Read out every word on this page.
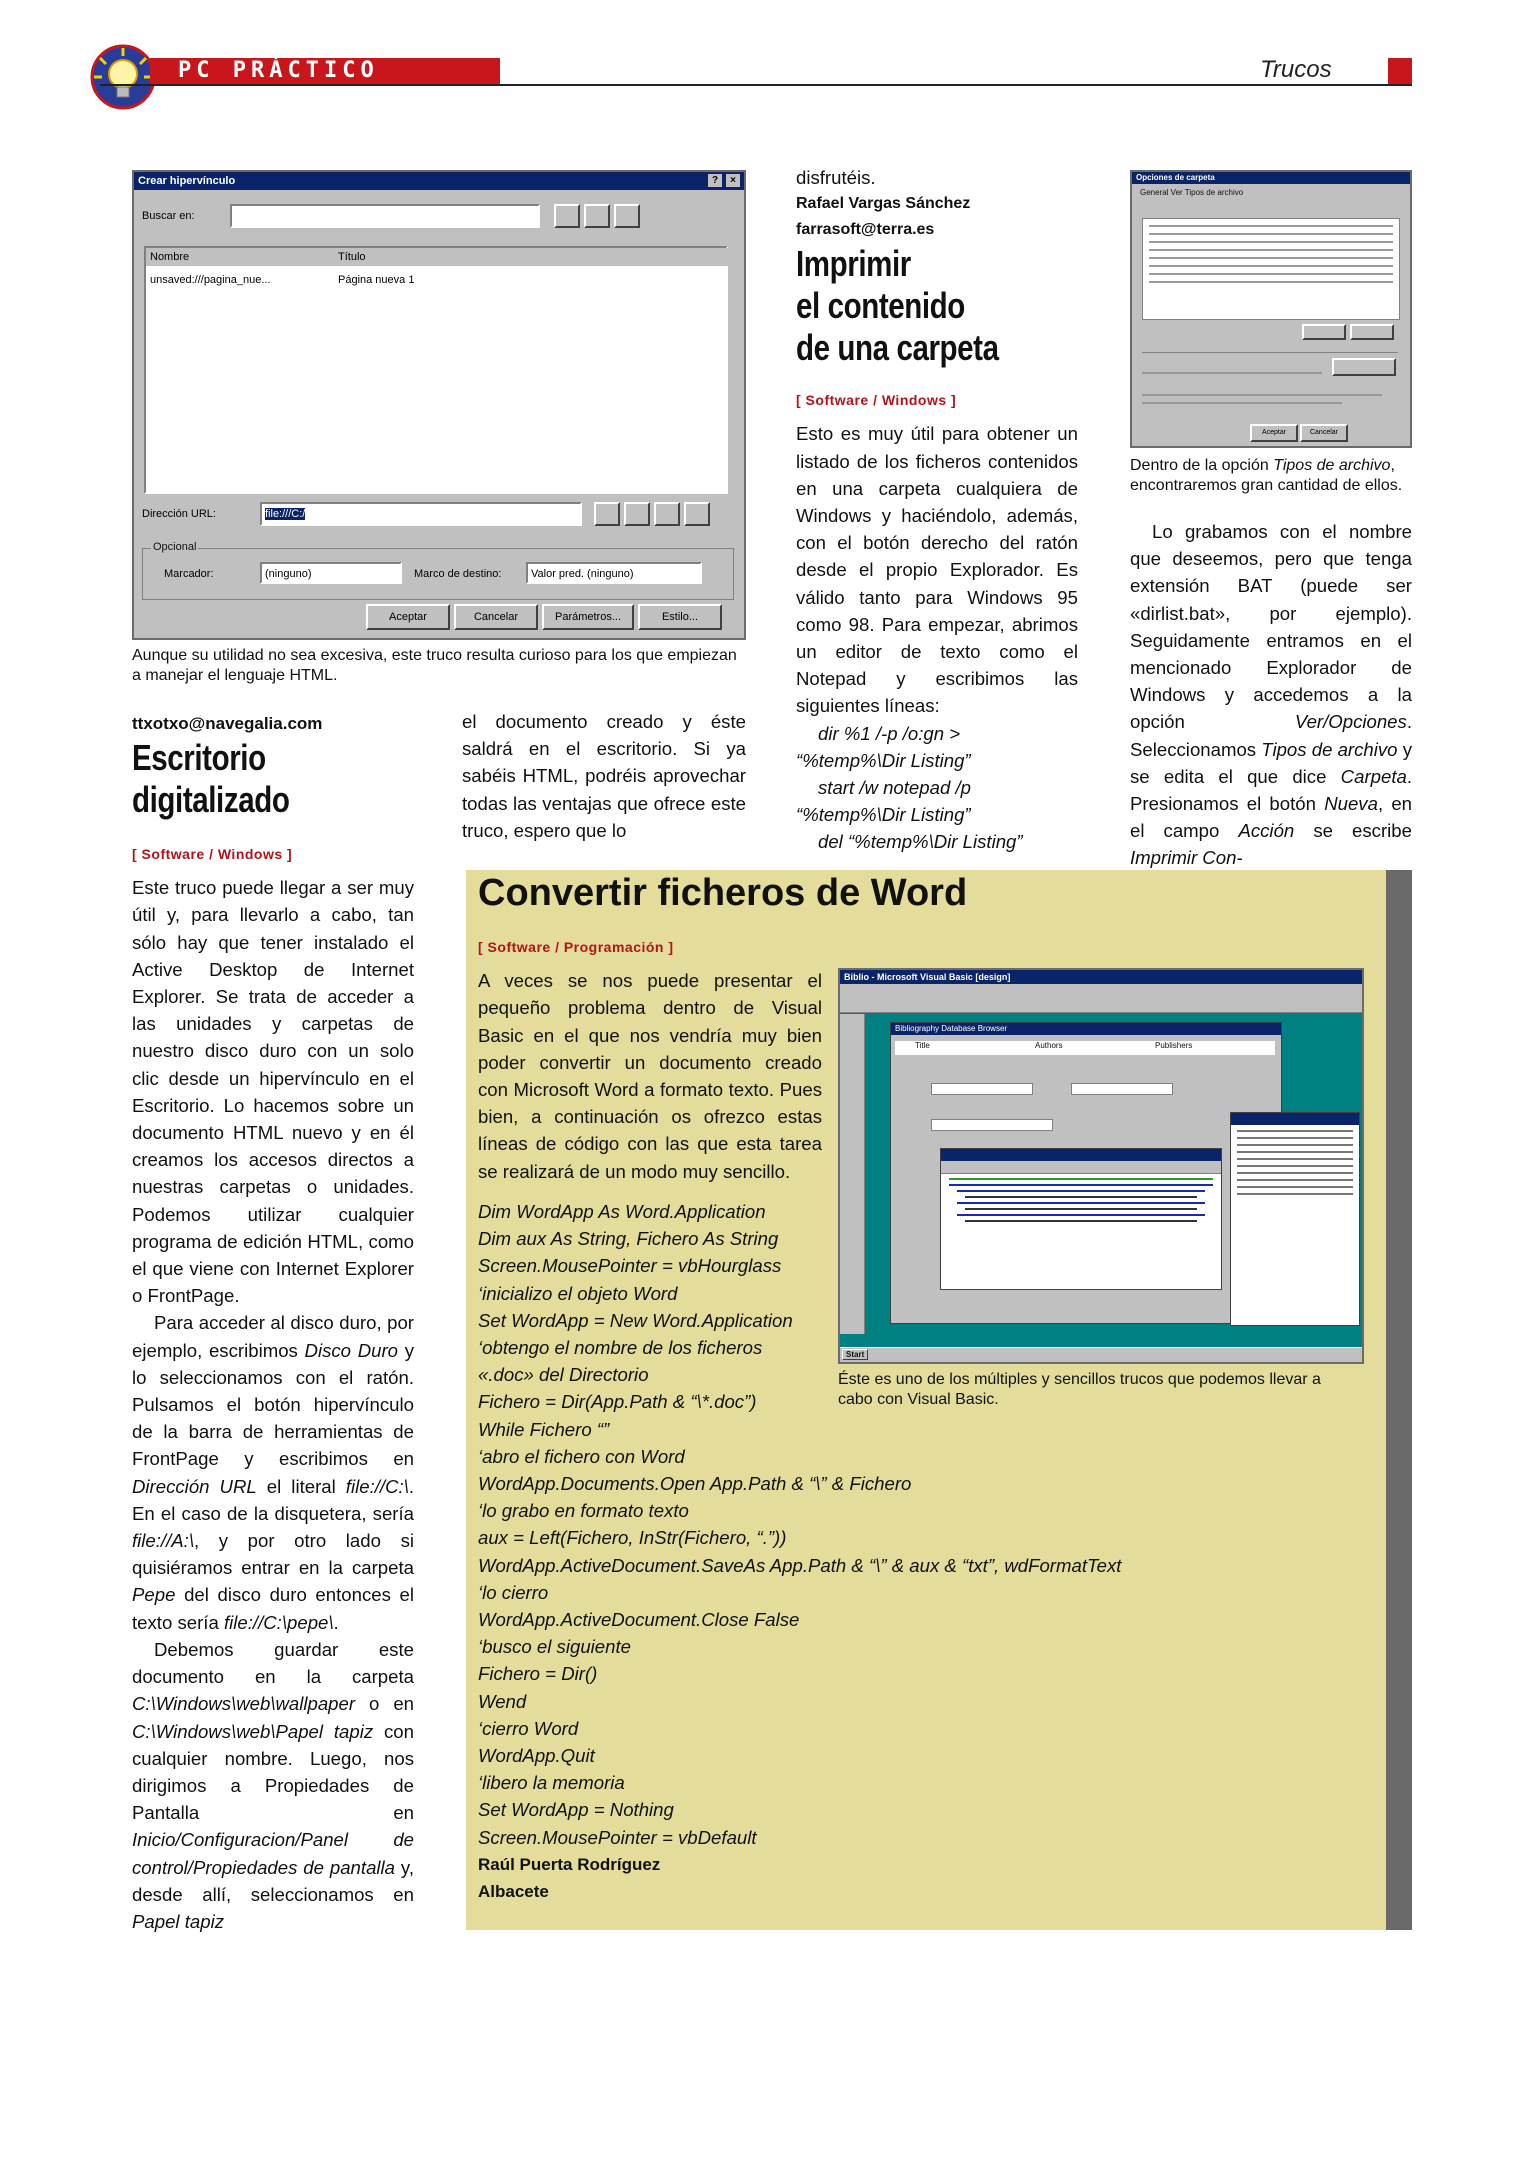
PC PRÁCTICO	Trucos
Crear hipervínculo	×
?
Buscar en:
Nombre	Título
unsaved:///pagina_nue...	Página nueva 1
Dirección URL:	file:///C:/
Opcional
Marcador:	(ninguno)	Marco de destino:	Valor pred. (ninguno)
Aceptar	Cancelar	Parámetros...	Estilo...
Aunque su utilidad no sea excesiva, este truco resulta curioso para los que empiezan a manejar el lenguaje HTML.
ttxotxo@navegalia.com
Escritorio
digitalizado
[ Software / Windows ]

Este truco puede llegar a ser muy útil y, para llevarlo a cabo, tan sólo hay que tener instalado el Active Desktop de Internet Explorer. Se trata de acceder a las unidades y carpetas de nuestro disco duro con un solo clic desde un hipervínculo en el Escritorio. Lo hacemos sobre un documento HTML nuevo y en él creamos los accesos directos a nuestras carpetas o unidades. Podemos utilizar cualquier programa de edición HTML, como el que viene con Internet Explorer o FrontPage.

Para acceder al disco duro, por ejemplo, escribimos Disco Duro y lo seleccionamos con el ratón. Pulsamos el botón hipervínculo de la barra de herramientas de FrontPage y escribimos en Dirección URL el literal file://C:\. En el caso de la disquetera, sería file://A:\, y por otro lado si quisiéramos entrar en la carpeta Pepe del disco duro entonces el texto sería file://C:\pepe\.

Debemos guardar este documento en la carpeta C:\Windows\web\wallpaper o en C:\Windows\web\Papel tapiz con cualquier nombre. Luego, nos dirigimos a Propiedades de Pantalla en Inicio/Configuracion/Panel de control/Propiedades de pantalla y, desde allí, seleccionamos en Papel tapiz

el documento creado y éste saldrá en el escritorio. Si ya sabéis HTML, podréis aprovechar todas las ventajas que ofrece este truco, espero que lo

disfrutéis.

Rafael Vargas Sánchez
farrasoft@terra.es
Imprimir
el contenido
de una carpeta
[ Software / Windows ]

Esto es muy útil para obtener un listado de los ficheros contenidos en una carpeta cualquiera de Windows y haciéndolo, además, con el botón derecho del ratón desde el propio Explorador. Es válido tanto para Windows 95 como 98. Para empezar, abrimos un editor de texto como el Notepad y escribimos las siguientes líneas:

dir %1 /-p /o:gn >
“%temp%\Dir Listing”
start /w notepad /p
“%temp%\Dir Listing”
del “%temp%\Dir Listing”
Opciones de carpeta
General Ver Tipos de archivo
Aceptar	Cancelar
Dentro de la opción Tipos de archivo, encontraremos gran cantidad de ellos.

Lo grabamos con el nombre que deseemos, pero que tenga extensión BAT (puede ser «dirlist.bat», por ejemplo). Seguidamente entramos en el mencionado Explorador de Windows y accedemos a la opción Ver/Opciones. Seleccionamos Tipos de archivo y se edita el que dice Carpeta. Presionamos el botón Nueva, en el campo Acción se escribe Imprimir Con-

Convertir ficheros de Word
[ Software / Programación ]

A veces se nos puede presentar el pequeño problema dentro de Visual Basic en el que nos vendría muy bien poder convertir un documento creado con Microsoft Word a formato texto. Pues bien, a continuación os ofrezco estas líneas de código con las que esta tarea se realizará de un modo muy sencillo.

Dim WordApp As Word.Application
Dim aux As String, Fichero As String
Screen.MousePointer = vbHourglass
‘inicializo el objeto Word
Set WordApp = New Word.Application
‘obtengo el nombre de los ficheros
«.doc» del Directorio
Fichero = Dir(App.Path & “\*.doc”)
While Fichero “”
‘abro el fichero con Word
WordApp.Documents.Open App.Path & “\” & Fichero
‘lo grabo en formato texto
aux = Left(Fichero, InStr(Fichero, “.”))
WordApp.ActiveDocument.SaveAs App.Path & “\” & aux & “txt”, wdFormatText
‘lo cierro
WordApp.ActiveDocument.Close False
‘busco el siguiente
Fichero = Dir()
Wend
‘cierro Word
WordApp.Quit
‘libero la memoria
Set WordApp = Nothing
Screen.MousePointer = vbDefault
Raúl Puerta Rodríguez
Albacete
Biblio - Microsoft Visual Basic [design]
Bibliography Database Browser
Title	Authors	Publishers
Start
Éste es uno de los múltiples y sencillos trucos que podemos llevar a cabo con Visual Basic.
